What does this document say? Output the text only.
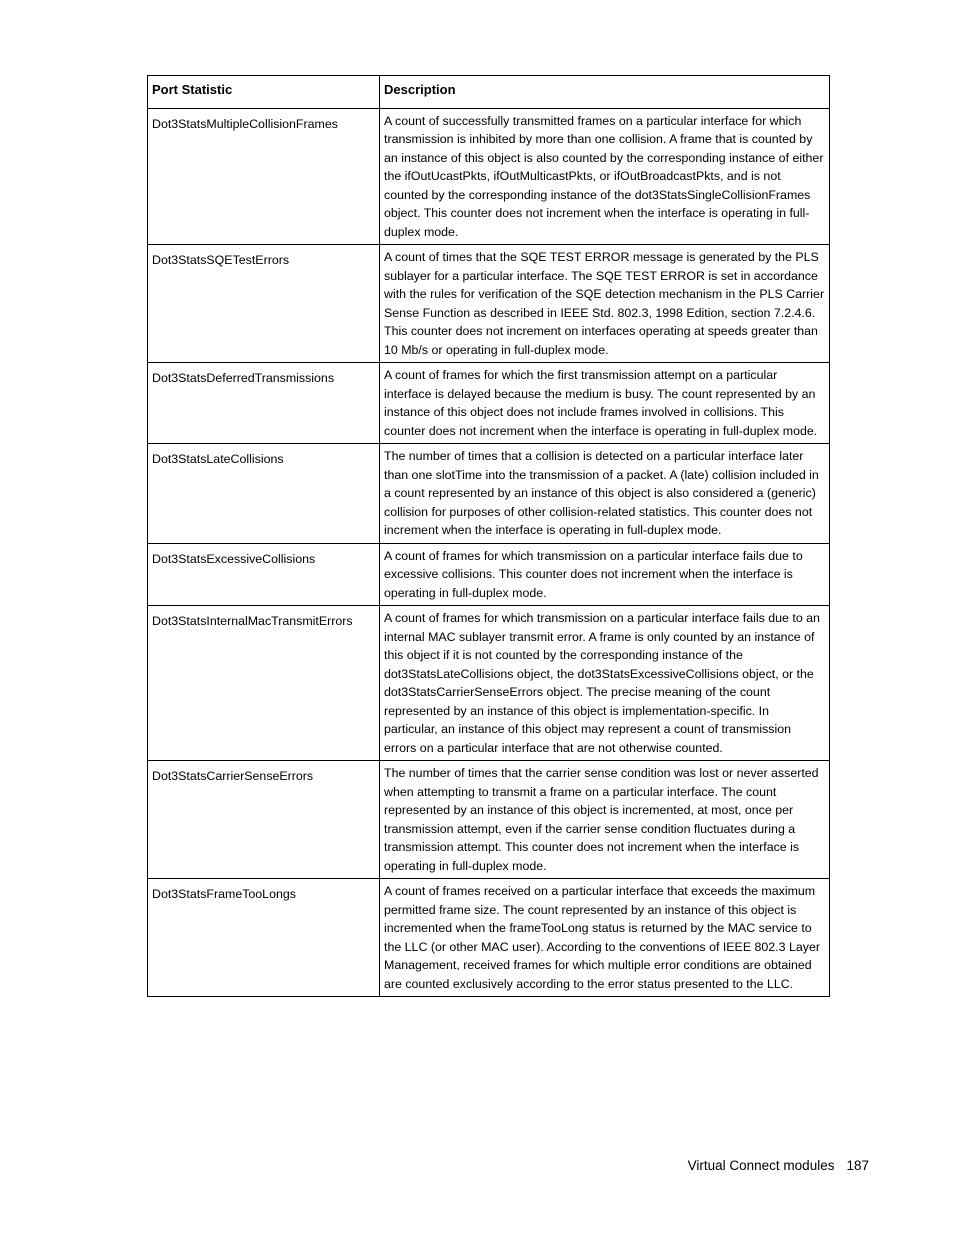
Port Statistic	Description
Dot3StatsMultipleCollisionFrames	A count of successfully transmitted frames on a particular interface for which transmission is inhibited by more than one collision. A frame that is counted by an instance of this object is also counted by the corresponding instance of either the ifOutUcastPkts, ifOutMulticastPkts, or ifOutBroadcastPkts, and is not counted by the corresponding instance of the dot3StatsSingleCollisionFrames object. This counter does not increment when the interface is operating in full-duplex mode.
Dot3StatsSQETestErrors	A count of times that the SQE TEST ERROR message is generated by the PLS sublayer for a particular interface. The SQE TEST ERROR is set in accordance with the rules for verification of the SQE detection mechanism in the PLS Carrier Sense Function as described in IEEE Std. 802.3, 1998 Edition, section 7.2.4.6. This counter does not increment on interfaces operating at speeds greater than 10 Mb/s or operating in full-duplex mode.
Dot3StatsDeferredTransmissions	A count of frames for which the first transmission attempt on a particular interface is delayed because the medium is busy. The count represented by an instance of this object does not include frames involved in collisions. This counter does not increment when the interface is operating in full-duplex mode.
Dot3StatsLateCollisions	The number of times that a collision is detected on a particular interface later than one slotTime into the transmission of a packet. A (late) collision included in a count represented by an instance of this object is also considered a (generic) collision for purposes of other collision-related statistics. This counter does not increment when the interface is operating in full-duplex mode.
Dot3StatsExcessiveCollisions	A count of frames for which transmission on a particular interface fails due to excessive collisions. This counter does not increment when the interface is operating in full-duplex mode.
Dot3StatsInternalMacTransmitErrors	A count of frames for which transmission on a particular interface fails due to an internal MAC sublayer transmit error. A frame is only counted by an instance of this object if it is not counted by the corresponding instance of the dot3StatsLateCollisions object, the dot3StatsExcessiveCollisions object, or the dot3StatsCarrierSenseErrors object. The precise meaning of the count represented by an instance of this object is implementation-specific. In particular, an instance of this object may represent a count of transmission errors on a particular interface that are not otherwise counted.
Dot3StatsCarrierSenseErrors	The number of times that the carrier sense condition was lost or never asserted when attempting to transmit a frame on a particular interface. The count represented by an instance of this object is incremented, at most, once per transmission attempt, even if the carrier sense condition fluctuates during a transmission attempt. This counter does not increment when the interface is operating in full-duplex mode.
Dot3StatsFrameTooLongs	A count of frames received on a particular interface that exceeds the maximum permitted frame size. The count represented by an instance of this object is incremented when the frameTooLong status is returned by the MAC service to the LLC (or other MAC user). According to the conventions of IEEE 802.3 Layer Management, received frames for which multiple error conditions are obtained are counted exclusively according to the error status presented to the LLC.
Virtual Connect modules 187
